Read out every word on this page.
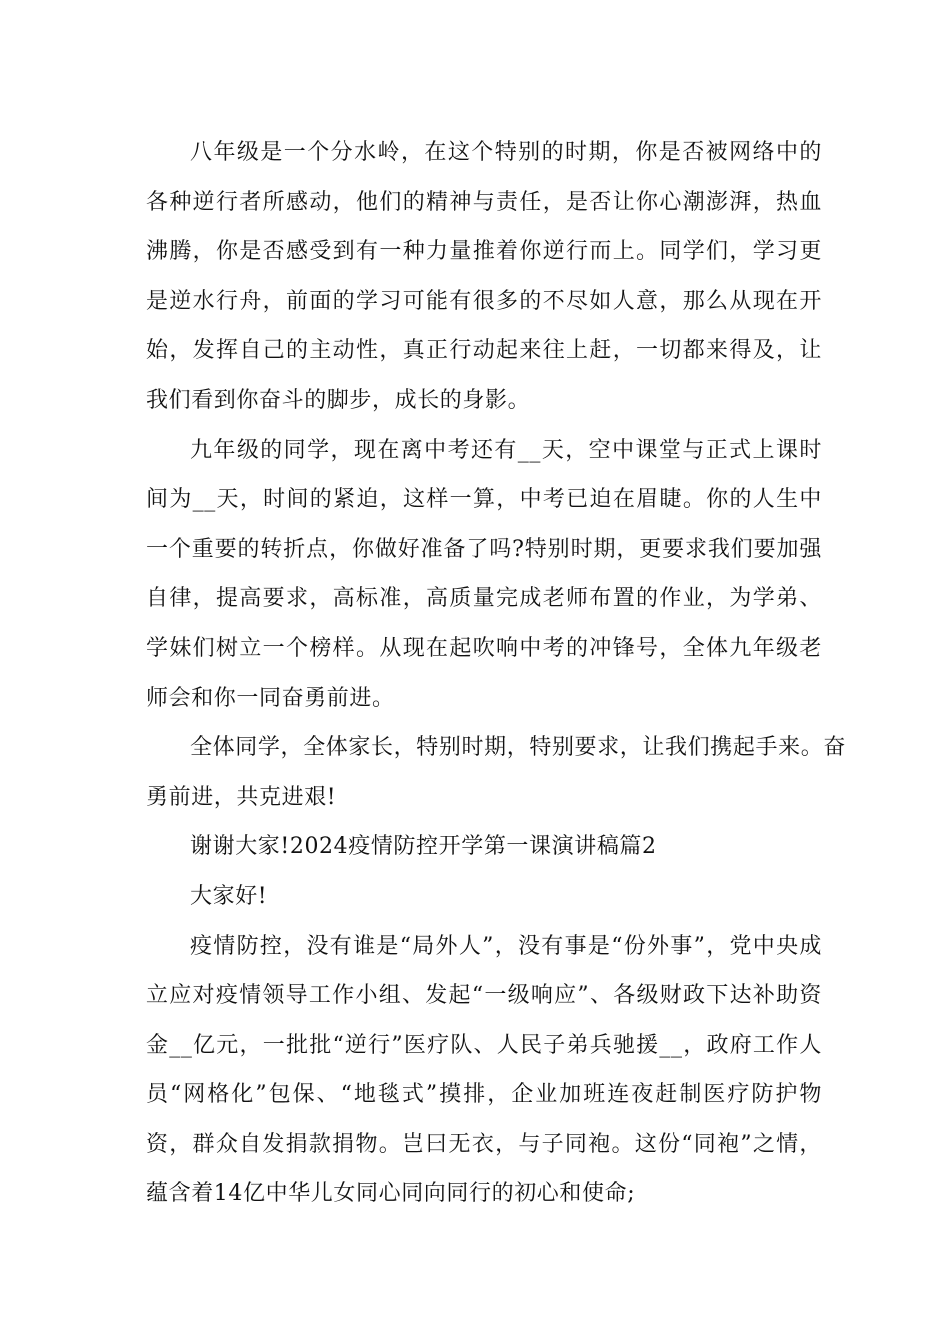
八年级是一个分水岭，在这个特别的时期，你是否被网络中的各种逆行者所感动，他们的精神与责任，是否让你心潮澎湃，热血沸腾，你是否感受到有一种力量推着你逆行而上。同学们，学习更是逆水行舟，前面的学习可能有很多的不尽如人意，那么从现在开始，发挥自己的主动性，真正行动起来往上赶，一切都来得及，让我们看到你奋斗的脚步，成长的身影。

九年级的同学，现在离中考还有__天，空中课堂与正式上课时间为__天，时间的紧迫，这样一算，中考已迫在眉睫。你的人生中一个重要的转折点，你做好准备了吗?特别时期，更要求我们要加强自律，提高要求，高标准，高质量完成老师布置的作业，为学弟、学妹们树立一个榜样。从现在起吹响中考的冲锋号，全体九年级老师会和你一同奋勇前进。

全体同学，全体家长，特别时期，特别要求，让我们携起手来。奋勇前进，共克进艰!

谢谢大家!2024疫情防控开学第一课演讲稿篇2

大家好!

疫情防控，没有谁是“局外人”，没有事是“份外事”，党中央成立应对疫情领导工作小组、发起“一级响应”、各级财政下达补助资金__亿元，一批批“逆行”医疗队、人民子弟兵驰援__，政府工作人员“网格化”包保、“地毯式”摸排，企业加班连夜赶制医疗防护物资，群众自发捐款捐物。岂曰无衣，与子同袍。这份“同袍”之情，蕴含着14亿中华儿女同心同向同行的初心和使命;
